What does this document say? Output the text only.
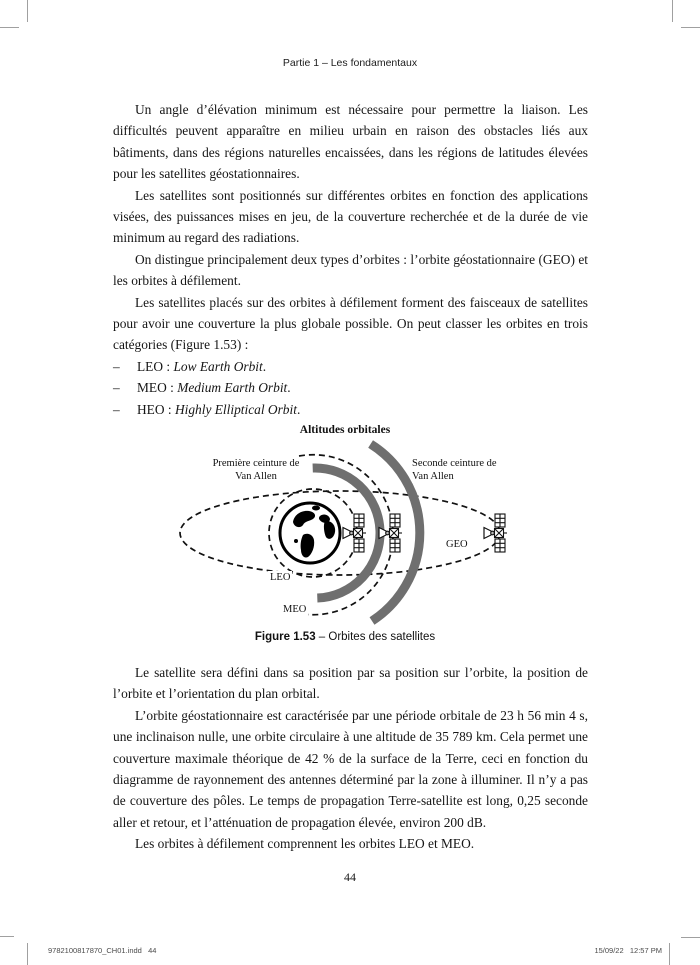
Partie 1 – Les fondamentaux

Un angle d’élévation minimum est nécessaire pour permettre la liaison. Les difficultés peuvent apparaître en milieu urbain en raison des obstacles liés aux bâtiments, dans des régions naturelles encaissées, dans les régions de latitudes élevées pour les satellites géostationnaires.

Les satellites sont positionnés sur différentes orbites en fonction des applications visées, des puissances mises en jeu, de la couverture recherchée et de la durée de vie minimum au regard des radiations.

On distingue principalement deux types d’orbites : l’orbite géostationnaire (GEO) et les orbites à défilement.

Les satellites placés sur des orbites à défilement forment des faisceaux de satellites pour avoir une couverture la plus globale possible. On peut classer les orbites en trois catégories (Figure 1.53) :

– LEO : Low Earth Orbit.
– MEO : Medium Earth Orbit.
– HEO : Highly Elliptical Orbit.
Altitudes orbitales
Première ceinture de
Van Allen
Seconde ceinture de
Van Allen
LEO
MEO
GEO
Figure 1.53 – Orbites des satellites

Le satellite sera défini dans sa position par sa position sur l’orbite, la position de l’orbite et l’orientation du plan orbital.

L’orbite géostationnaire est caractérisée par une période orbitale de 23 h 56 min 4 s, une inclinaison nulle, une orbite circulaire à une altitude de 35 789 km. Cela permet une couverture maximale théorique de 42 % de la surface de la Terre, ceci en fonction du diagramme de rayonnement des antennes déterminé par la zone à illuminer. Il n’y a pas de couverture des pôles. Le temps de propagation Terre-satellite est long, 0,25 seconde aller et retour, et l’atténuation de propagation élevée, environ 200 dB.

Les orbites à défilement comprennent les orbites LEO et MEO.

44
9782100817870_CH01.indd   44	15/09/22   12:57 PM
